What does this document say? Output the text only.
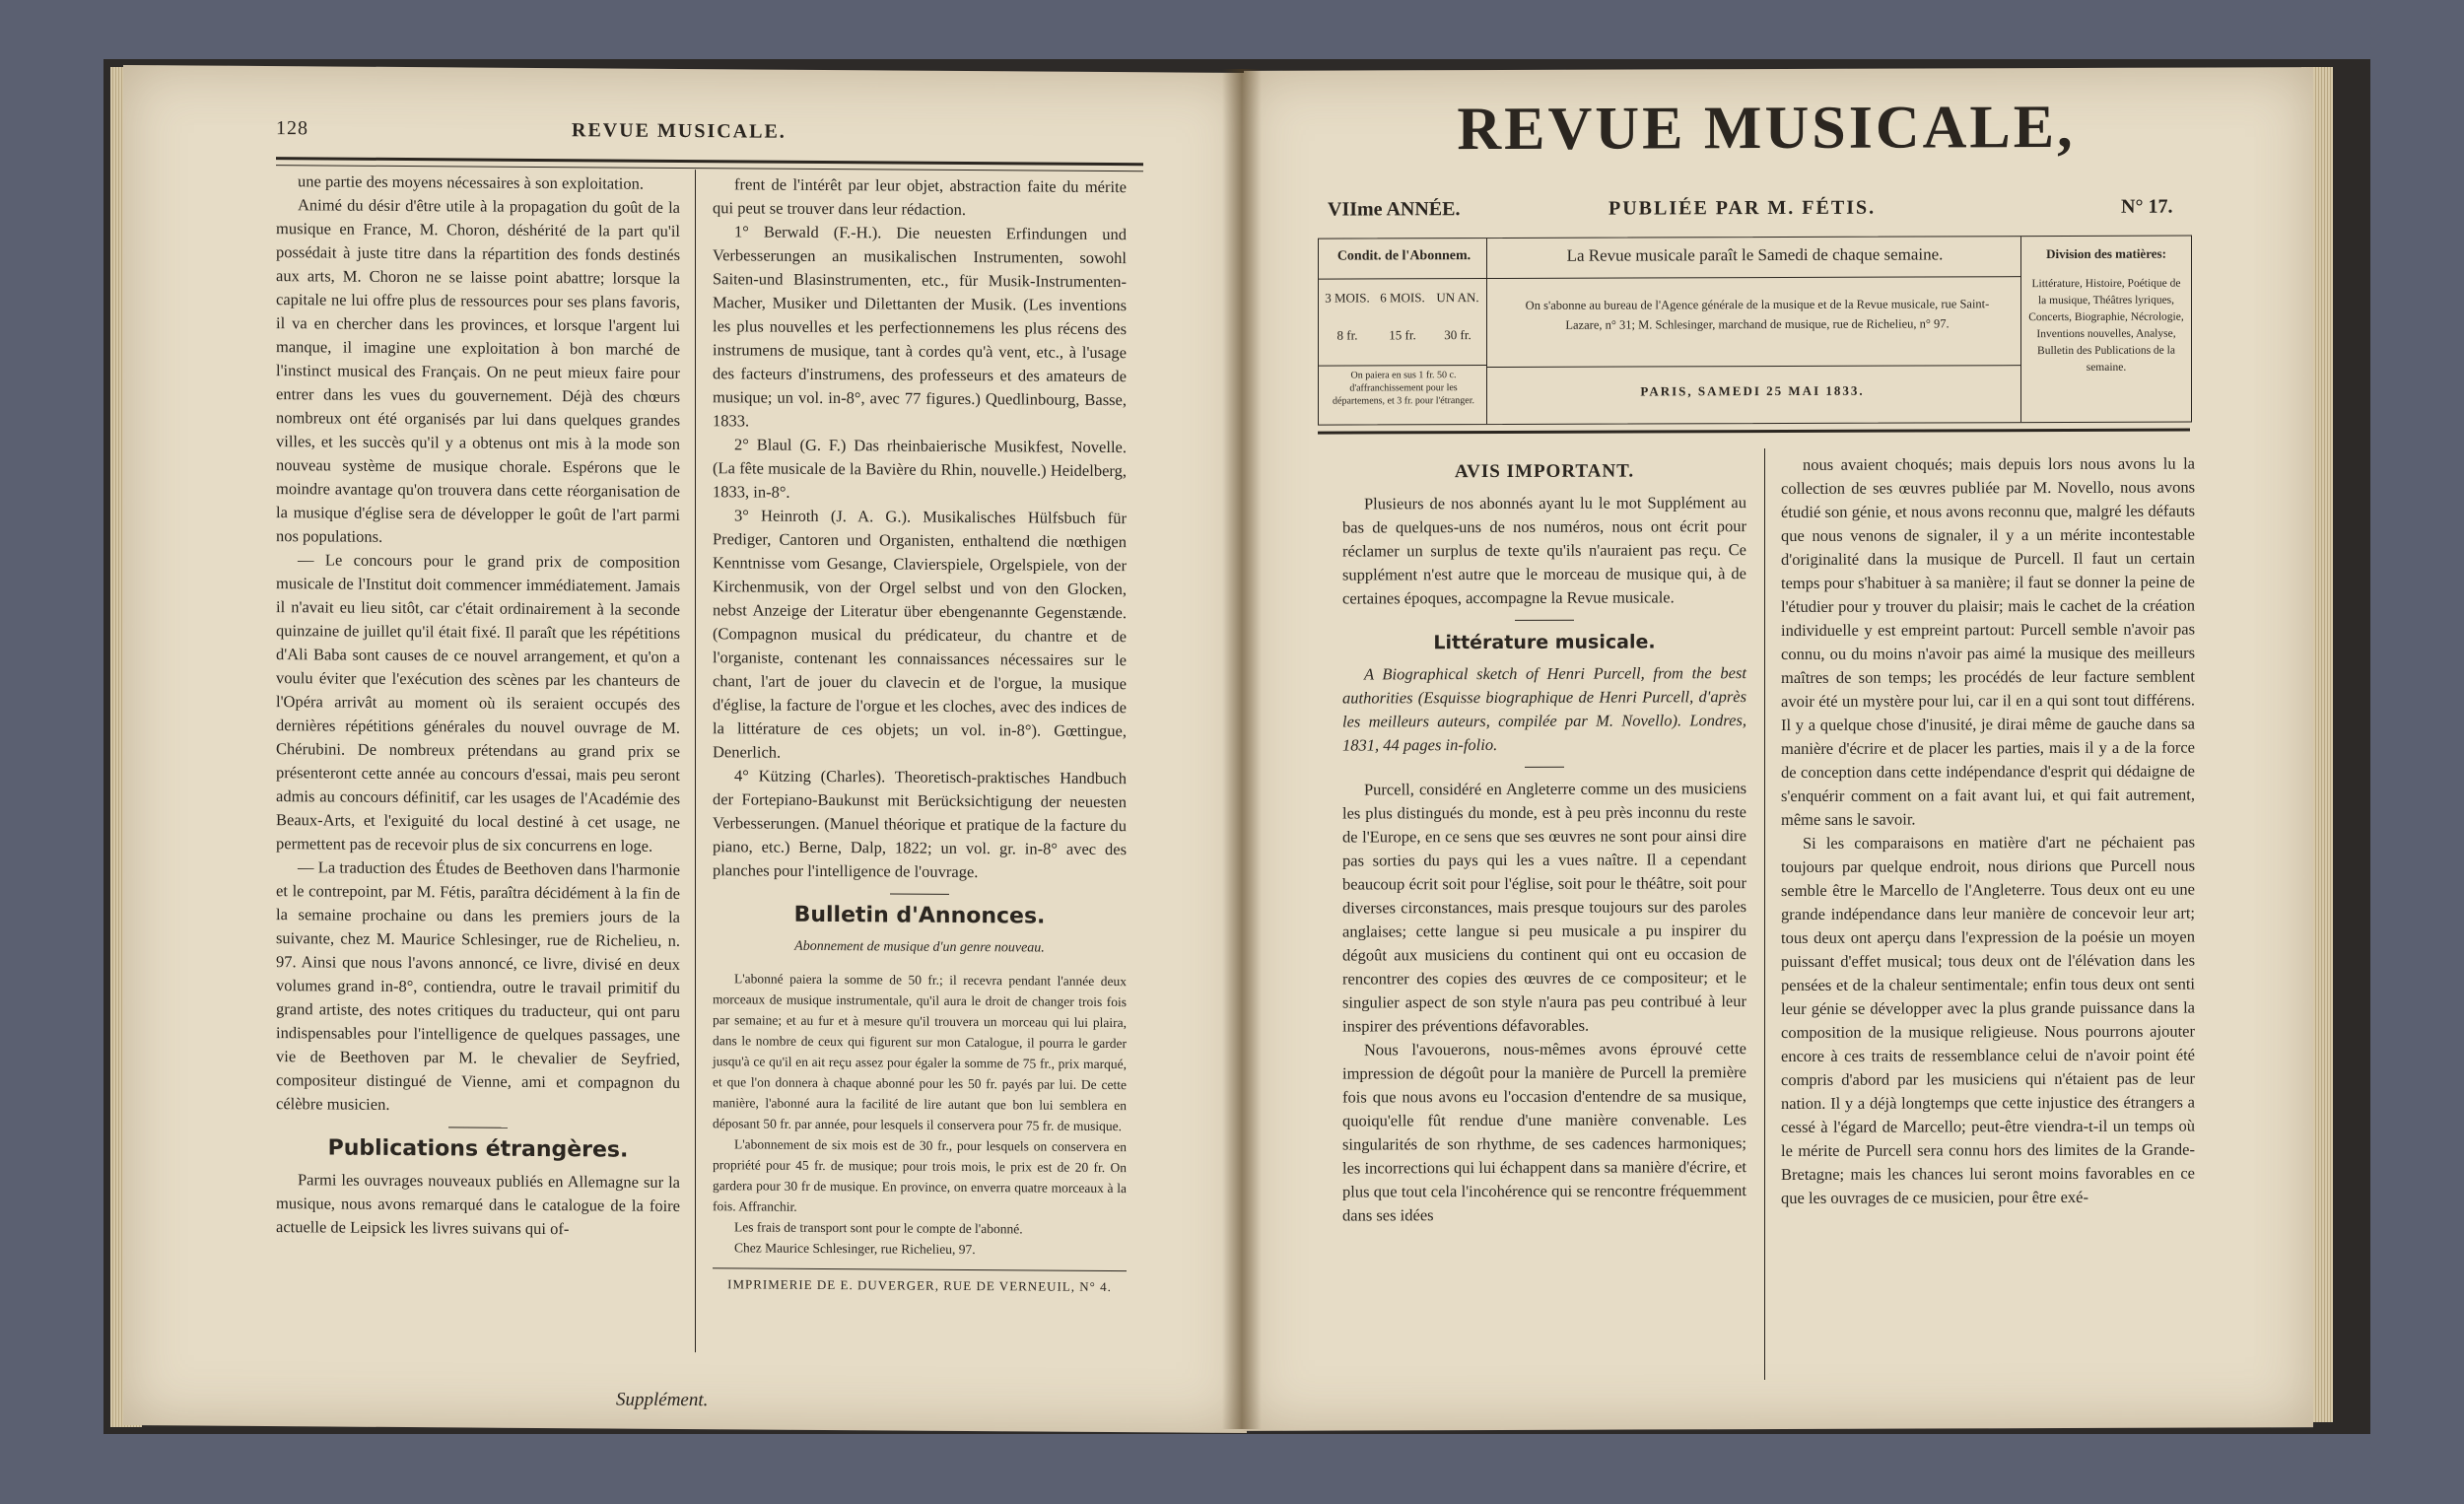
128	REVUE MUSICALE.

une partie des moyens nécessaires à son exploitation.

Animé du désir d'être utile à la propagation du goût de la musique en France, M. Choron, déshérité de la part qu'il possédait à juste titre dans la répartition des fonds destinés aux arts, M. Choron ne se laisse point abattre; lorsque la capitale ne lui offre plus de ressources pour ses plans favoris, il va en chercher dans les provinces, et lorsque l'argent lui manque, il imagine une exploitation à bon marché de l'instinct musical des Français. On ne peut mieux faire pour entrer dans les vues du gouvernement. Déjà des chœurs nombreux ont été organisés par lui dans quelques grandes villes, et les succès qu'il y a obtenus ont mis à la mode son nouveau système de musique chorale. Espérons que le moindre avantage qu'on trouvera dans cette réorganisation de la musique d'église sera de développer le goût de l'art parmi nos populations.

— Le concours pour le grand prix de composition musicale de l'Institut doit commencer immédiatement. Jamais il n'avait eu lieu sitôt, car c'était ordinairement à la seconde quinzaine de juillet qu'il était fixé. Il paraît que les répétitions d'Ali Baba sont causes de ce nouvel arrangement, et qu'on a voulu éviter que l'exécution des scènes par les chanteurs de l'Opéra arrivât au moment où ils seraient occupés des dernières répétitions générales du nouvel ouvrage de M. Chérubini. De nombreux prétendans au grand prix se présenteront cette année au concours d'essai, mais peu seront admis au concours définitif, car les usages de l'Académie des Beaux-Arts, et l'exiguité du local destiné à cet usage, ne permettent pas de recevoir plus de six concurrens en loge.

— La traduction des Études de Beethoven dans l'harmonie et le contrepoint, par M. Fétis, paraîtra décidément à la fin de la semaine prochaine ou dans les premiers jours de la suivante, chez M. Maurice Schlesinger, rue de Richelieu, n. 97. Ainsi que nous l'avons annoncé, ce livre, divisé en deux volumes grand in-8°, contiendra, outre le travail primitif du grand artiste, des notes critiques du traducteur, qui ont paru indispensables pour l'intelligence de quelques passages, une vie de Beethoven par M. le chevalier de Seyfried, compositeur distingué de Vienne, ami et compagnon du célèbre musicien.

Publications étrangères.

Parmi les ouvrages nouveaux publiés en Allemagne sur la musique, nous avons remarqué dans le catalogue de la foire actuelle de Leipsick les livres suivans qui of-

frent de l'intérêt par leur objet, abstraction faite du mérite qui peut se trouver dans leur rédaction.

1° Berwald (F.-H.). Die neuesten Erfindungen und Verbesserungen an musikalischen Instrumenten, sowohl Saiten-und Blasinstrumenten, etc., für Musik-Instrumenten-Macher, Musiker und Dilettanten der Musik. (Les inventions les plus nouvelles et les perfectionnemens les plus récens des instrumens de musique, tant à cordes qu'à vent, etc., à l'usage des facteurs d'instrumens, des professeurs et des amateurs de musique; un vol. in-8°, avec 77 figures.) Quedlinbourg, Basse, 1833.

2° Blaul (G. F.) Das rheinbaierische Musikfest, Novelle. (La fête musicale de la Bavière du Rhin, nouvelle.) Heidelberg, 1833, in-8°.

3° Heinroth (J. A. G.). Musikalisches Hülfsbuch für Prediger, Cantoren und Organisten, enthaltend die nœthigen Kenntnisse vom Gesange, Clavierspiele, Orgelspiele, von der Kirchenmusik, von der Orgel selbst und von den Glocken, nebst Anzeige der Literatur über ebengenannte Gegenstænde. (Compagnon musical du prédicateur, du chantre et de l'organiste, contenant les connaissances nécessaires sur le chant, l'art de jouer du clavecin et de l'orgue, la musique d'église, la facture de l'orgue et les cloches, avec des indices de la littérature de ces objets; un vol. in-8°). Gœttingue, Denerlich.

4° Kützing (Charles). Theoretisch-praktisches Handbuch der Fortepiano-Baukunst mit Berücksichtigung der neuesten Verbesserungen. (Manuel théorique et pratique de la facture du piano, etc.) Berne, Dalp, 1822; un vol. gr. in-8° avec des planches pour l'intelligence de l'ouvrage.

Bulletin d'Annonces.
Abonnement de musique d'un genre nouveau.

L'abonné paiera la somme de 50 fr.; il recevra pendant l'année deux morceaux de musique instrumentale, qu'il aura le droit de changer trois fois par semaine; et au fur et à mesure qu'il trouvera un morceau qui lui plaira, dans le nombre de ceux qui figurent sur mon Catalogue, il pourra le garder jusqu'à ce qu'il en ait reçu assez pour égaler la somme de 75 fr., prix marqué, et que l'on donnera à chaque abonné pour les 50 fr. payés par lui. De cette manière, l'abonné aura la facilité de lire autant que bon lui semblera en déposant 50 fr. par année, pour lesquels il conservera pour 75 fr. de musique.

L'abonnement de six mois est de 30 fr., pour lesquels on conservera en propriété pour 45 fr. de musique; pour trois mois, le prix est de 20 fr. On gardera pour 30 fr de musique. En province, on enverra quatre morceaux à la fois. Affranchir.

Les frais de transport sont pour le compte de l'abonné.

Chez Maurice Schlesinger, rue Richelieu, 97.

IMPRIMERIE DE E. DUVERGER, RUE DE VERNEUIL, N° 4.
Supplément.
REVUE MUSICALE,
VIIme ANNÉE.	PUBLIÉE PAR M. FÉTIS.	N° 17.
Condit. de l'Abonnem.
3 MOIS. 6 MOIS. UN AN.
8 fr.	15 fr.	30 fr.
On paiera en sus 1 fr. 50 c. d'affranchissement pour les départemens, et 3 fr. pour l'étranger.
La Revue musicale paraît le Samedi de chaque semaine.
On s'abonne au bureau de l'Agence générale de la musique et de la Revue musicale, rue Saint-Lazare, n° 31; M. Schlesinger, marchand de musique, rue de Richelieu, n° 97.
PARIS, SAMEDI 25 MAI 1833.
Division des matières:
Littérature, Histoire, Poétique de la musique, Théâtres lyriques, Concerts, Biographie, Nécrologie, Inventions nouvelles, Analyse, Bulletin des Publications de la semaine.
AVIS IMPORTANT.

Plusieurs de nos abonnés ayant lu le mot Supplément au bas de quelques-uns de nos numéros, nous ont écrit pour réclamer un surplus de texte qu'ils n'auraient pas reçu. Ce supplément n'est autre que le morceau de musique qui, à de certaines époques, accompagne la Revue musicale.

Littérature musicale.

A Biographical sketch of Henri Purcell, from the best authorities (Esquisse biographique de Henri Purcell, d'après les meilleurs auteurs, compilée par M. Novello). Londres, 1831, 44 pages in-folio.

Purcell, considéré en Angleterre comme un des musiciens les plus distingués du monde, est à peu près inconnu du reste de l'Europe, en ce sens que ses œuvres ne sont pour ainsi dire pas sorties du pays qui les a vues naître. Il a cependant beaucoup écrit soit pour l'église, soit pour le théâtre, soit pour diverses circonstances, mais presque toujours sur des paroles anglaises; cette langue si peu musicale a pu inspirer du dégoût aux musiciens du continent qui ont eu occasion de rencontrer des copies des œuvres de ce compositeur; et le singulier aspect de son style n'aura pas peu contribué à leur inspirer des préventions défavorables.

Nous l'avouerons, nous-mêmes avons éprouvé cette impression de dégoût pour la manière de Purcell la première fois que nous avons eu l'occasion d'entendre de sa musique, quoiqu'elle fût rendue d'une manière convenable. Les singularités de son rhythme, de ses cadences harmoniques; les incorrections qui lui échappent dans sa manière d'écrire, et plus que tout cela l'incohérence qui se rencontre fréquemment dans ses idées

nous avaient choqués; mais depuis lors nous avons lu la collection de ses œuvres publiée par M. Novello, nous avons étudié son génie, et nous avons reconnu que, malgré les défauts que nous venons de signaler, il y a un mérite incontestable d'originalité dans la musique de Purcell. Il faut un certain temps pour s'habituer à sa manière; il faut se donner la peine de l'étudier pour y trouver du plaisir; mais le cachet de la création individuelle y est empreint partout: Purcell semble n'avoir pas connu, ou du moins n'avoir pas aimé la musique des meilleurs maîtres de son temps; les procédés de leur facture semblent avoir été un mystère pour lui, car il en a qui sont tout différens. Il y a quelque chose d'inusité, je dirai même de gauche dans sa manière d'écrire et de placer les parties, mais il y a de la force de conception dans cette indépendance d'esprit qui dédaigne de s'enquérir comment on a fait avant lui, et qui fait autrement, même sans le savoir.

Si les comparaisons en matière d'art ne péchaient pas toujours par quelque endroit, nous dirions que Purcell nous semble être le Marcello de l'Angleterre. Tous deux ont eu une grande indépendance dans leur manière de concevoir leur art; tous deux ont aperçu dans l'expression de la poésie un moyen puissant d'effet musical; tous deux ont de l'élévation dans les pensées et de la chaleur sentimentale; enfin tous deux ont senti leur génie se développer avec la plus grande puissance dans la composition de la musique religieuse. Nous pourrons ajouter encore à ces traits de ressemblance celui de n'avoir point été compris d'abord par les musiciens qui n'étaient pas de leur nation. Il y a déjà longtemps que cette injustice des étrangers a cessé à l'égard de Marcello; peut-être viendra-t-il un temps où le mérite de Purcell sera connu hors des limites de la Grande-Bretagne; mais les chances lui seront moins favorables en ce que les ouvrages de ce musicien, pour être exé-
